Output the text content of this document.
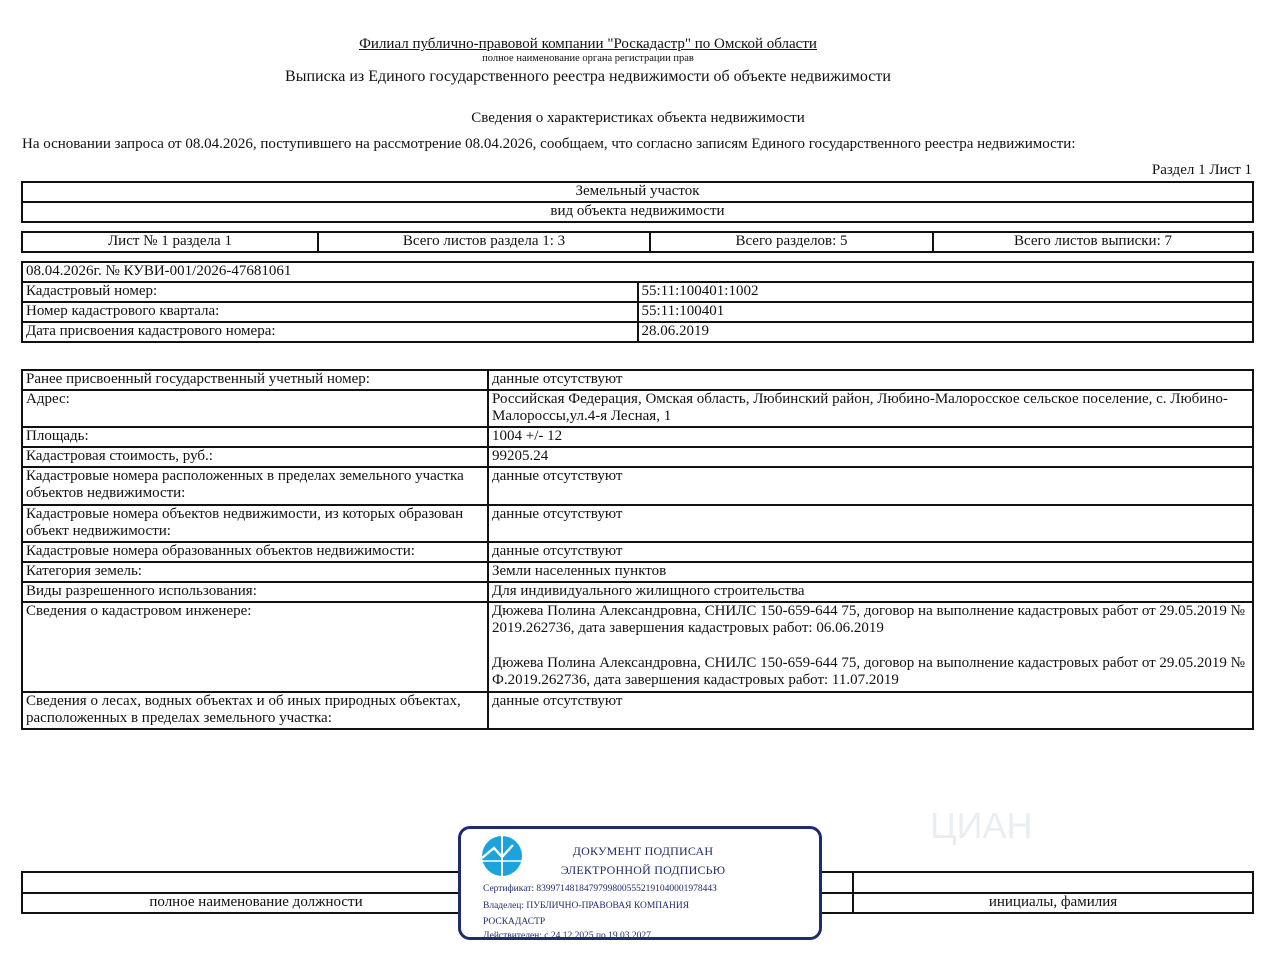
Филиал публично-правовой компании "Роскадастр" по Омской области
полное наименование органа регистрации прав
Выписка из Единого государственного реестра недвижимости об объекте недвижимости
Сведения о характеристиках объекта недвижимости
На основании запроса от 08.04.2026, поступившего на рассмотрение 08.04.2026, сообщаем, что согласно записям Единого государственного реестра недвижимости:
Раздел 1 Лист 1
Земельный участок
вид объекта недвижимости
Лист № 1 раздела 1	Всего листов раздела 1: 3	Всего разделов: 5	Всего листов выписки: 7
08.04.2026г. № КУВИ-001/2026-47681061	
Кадастровый номер:	55:11:100401:1002
Номер кадастрового квартала:	55:11:100401
Дата присвоения кадастрового номера:	28.06.2019
Ранее присвоенный государственный учетный номер:	данные отсутствуют
Адрес:	Российская Федерация, Омская область, Любинский район, Любино-Малоросское сельское поселение, с. Любино-Малороссы,ул.4-я Лесная, 1
Площадь:	1004 +/- 12
Кадастровая стоимость, руб.:	99205.24
Кадастровые номера расположенных в пределах земельного участка объектов недвижимости:	данные отсутствуют
Кадастровые номера объектов недвижимости, из которых образован объект недвижимости:	данные отсутствуют
Кадастровые номера образованных объектов недвижимости:	данные отсутствуют
Категория земель:	Земли населенных пунктов
Виды разрешенного использования:	Для индивидуального жилищного строительства
Сведения о кадастровом инженере:	Дюжева Полина Александровна, СНИЛС 150-659-644 75, договор на выполнение кадастровых работ от 29.05.2019 № 2019.262736, дата завершения кадастровых работ: 06.06.2019
Дюжева Полина Александровна, СНИЛС 150-659-644 75, договор на выполнение кадастровых работ от 29.05.2019 № Ф.2019.262736, дата завершения кадастровых работ: 11.07.2019

Сведения о лесах, водных объектах и об иных природных объектах, расположенных в пределах земельного участка:	данные отсутствуют
ЦИАН

полное наименование должности		инициалы, фамилия
ДОКУМЕНТ ПОДПИСАН
ЭЛЕКТРОННОЙ ПОДПИСЬЮ
Сертификат: 8399714818479799800555219104000197844З
Владелец: ПУБЛИЧНО-ПРАВОВАЯ КОМПАНИЯ
РОСКАДАСТР
Действителен: с 24.12.2025 по 19.03.2027
